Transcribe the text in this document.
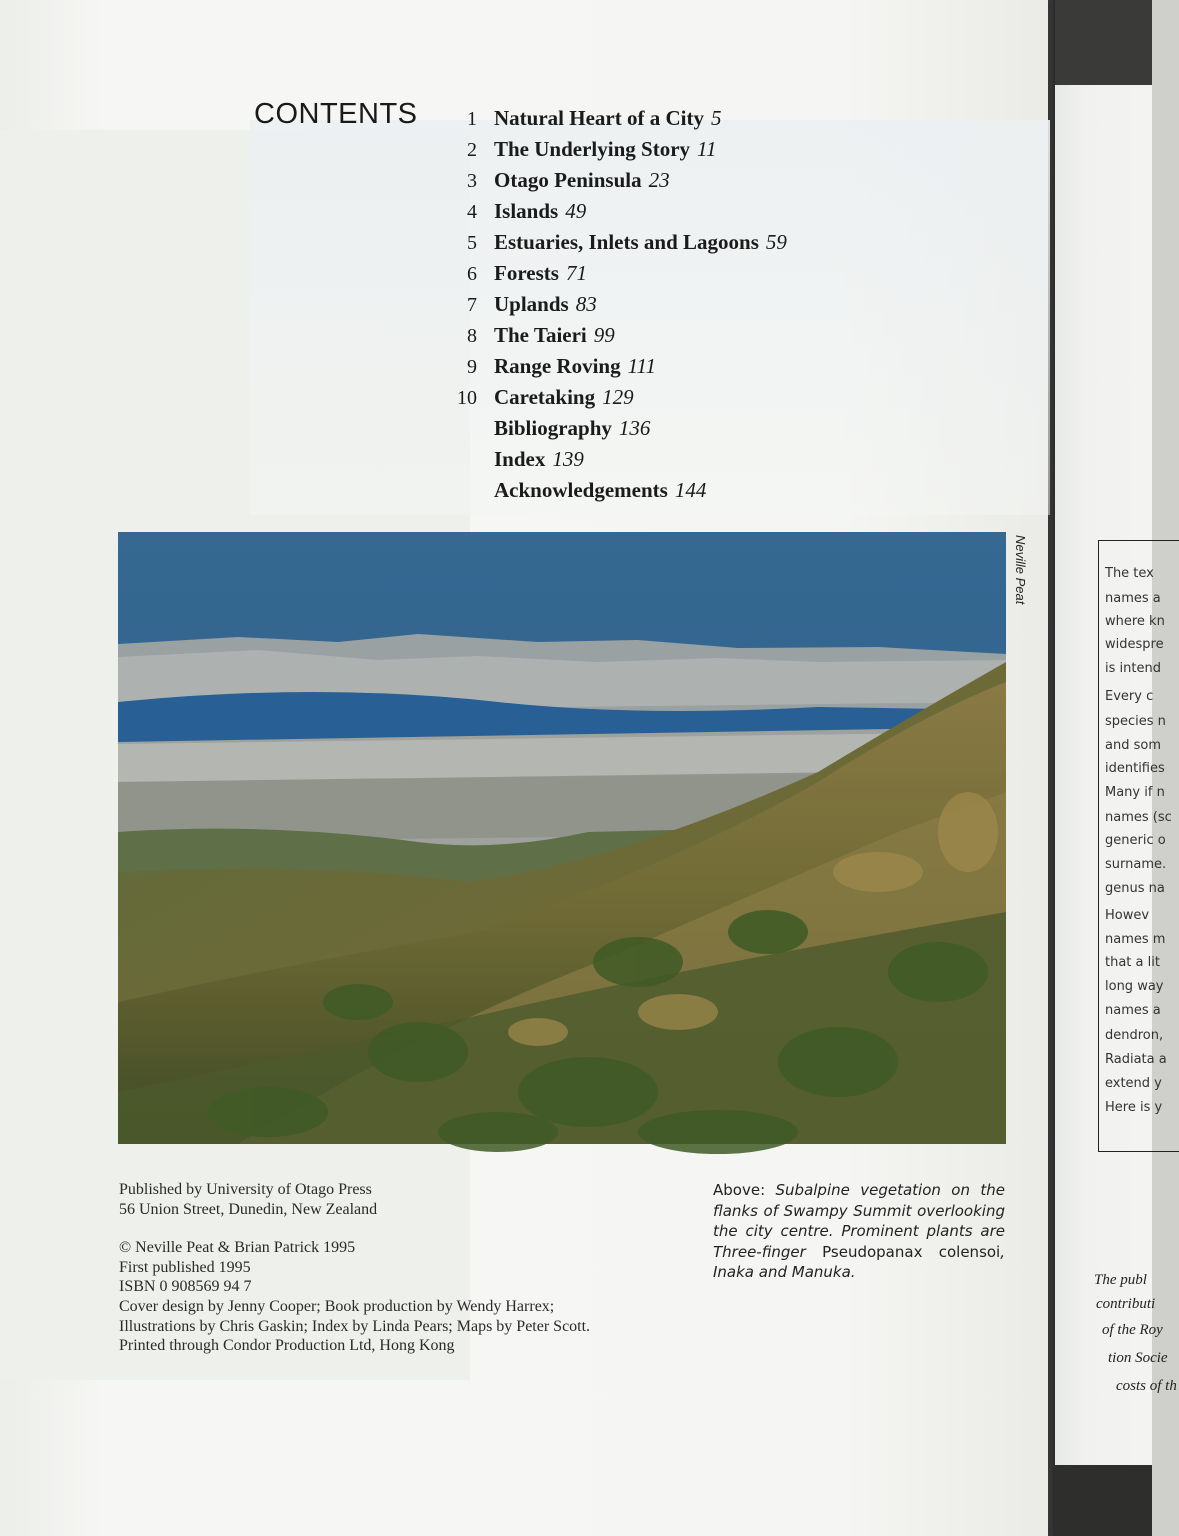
CONTENTS	1 Natural Heart of a City 5
2 The Underlying Story 11
3 Otago Peninsula 23
4 Islands 49
5 Estuaries, Inlets and Lagoons 59
6 Forests 71
7 Uplands 83
8 The Taieri 99
9 Range Roving 111
10 Caretaking 129
Bibliography 136
Index 139
Acknowledgements 144
Neville Peat

Published by University of Otago Press

56 Union Street, Dunedin, New Zealand

© Neville Peat & Brian Patrick 1995

First published 1995

ISBN 0 908569 94 7

Cover design by Jenny Cooper; Book production by Wendy Harrex;

Illustrations by Chris Gaskin; Index by Linda Pears; Maps by Peter Scott.

Printed through Condor Production Ltd, Hong Kong

Above: Subalpine vegetation on the flanks of Swampy Summit overlooking the city centre. Prominent plants are Three-finger Pseudopanax colensoi, Inaka and Manuka.

The tex
names a
where kn
widespre
is intend
Every c
species n
and som
identifies
Many if n
names (sc
generic o
surname.
genus na
Howev
names m
that a lit
long way
names a
dendron,
Radiata a
extend y
Here is y
The publ
contributi
of the Roy
tion Socie
costs of th
